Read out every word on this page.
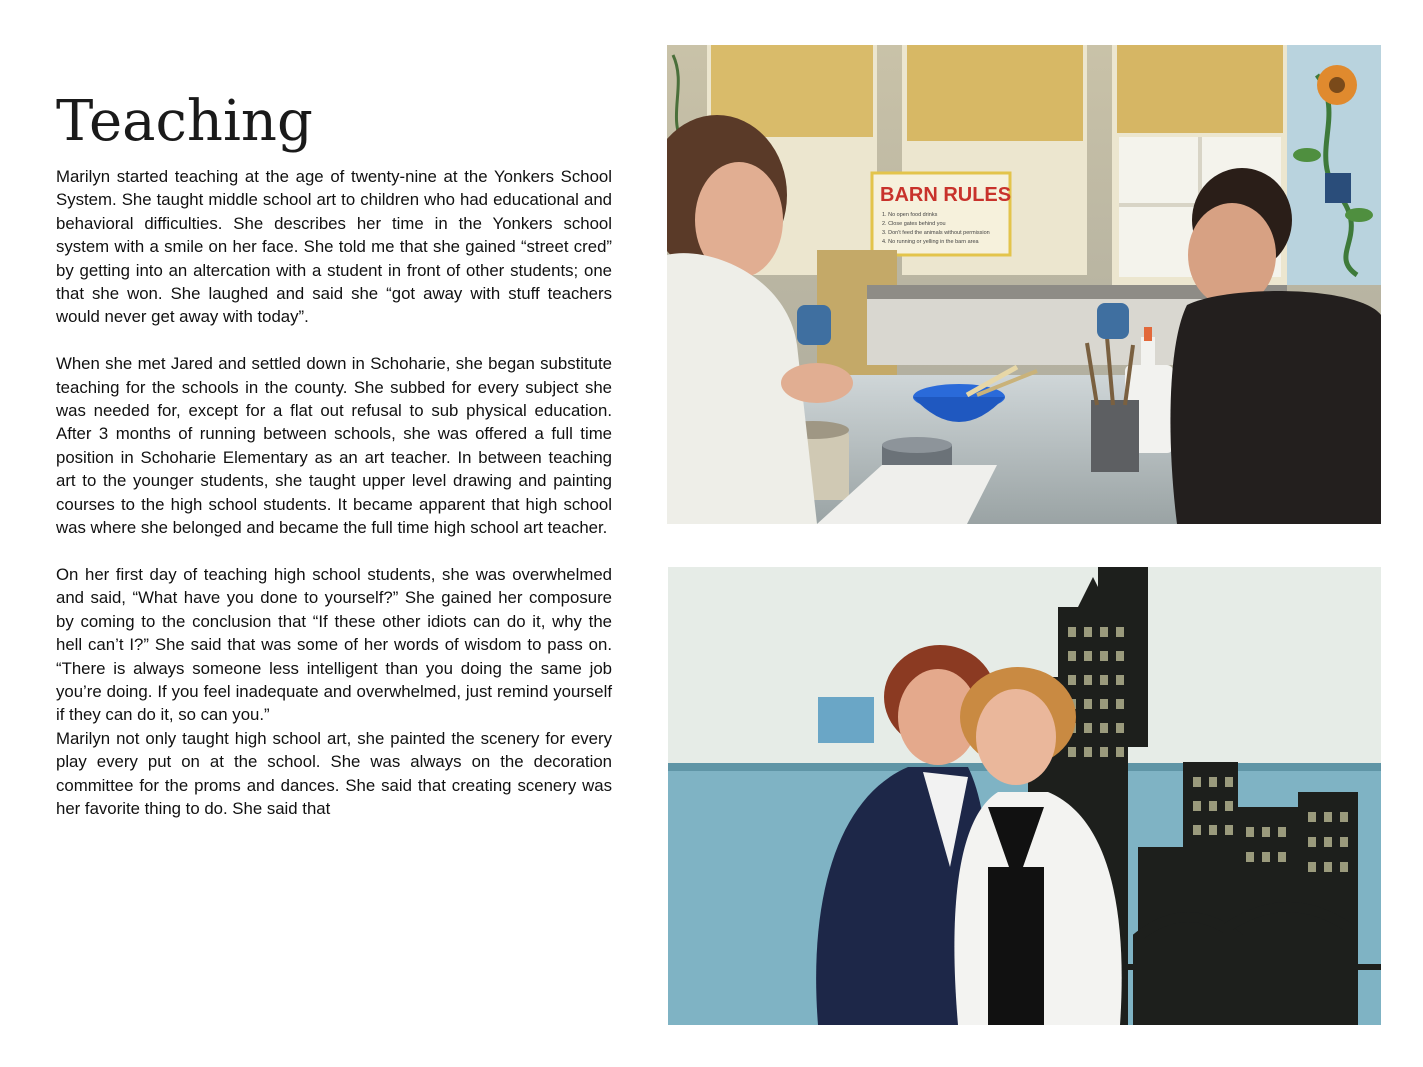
Teaching

Marilyn started teaching at the age of twenty-nine at the Yonkers School System. She taught middle school art to children who had educational and behavioral difficulties. She describes her time in the Yonkers school system with a smile on her face. She told me that she gained “street cred” by getting into an altercation with a student in front of other students; one that she won. She laughed and said she “got away with stuff teachers would never get away with today”.

When she met Jared and settled down in Schoharie, she began substitute teaching for the schools in the county. She subbed for every subject she was needed for, except for a flat out refusal to sub physical education. After 3 months of running between schools, she was offered a full time position in Schoharie Elementary as an art teacher. In between teaching art to the younger students, she taught upper level drawing and painting courses to the high school students. It became apparent that high school was where she belonged and became the full time high school art teacher.

On her first day of teaching high school students, she was overwhelmed and said, “What have you done to yourself?” She gained her composure by coming to the conclusion that “If these other idiots can do it, why the hell can’t I?” She said that was some of her words of wisdom to pass on. “There is always someone less intelligent than you doing the same job you’re doing. If you feel inadequate and overwhelmed, just remind yourself if they can do it, so can you.”

Marilyn not only taught high school art, she painted the scenery for every play every put on at the school. She was always on the decoration committee for the proms and dances. She said that creating scenery was her favorite thing to do. She said that

BARN RULES
1. No open food drinks
2. Close gates behind you
3. Don't feed the animals without permission
4. No running or yelling in the barn area
